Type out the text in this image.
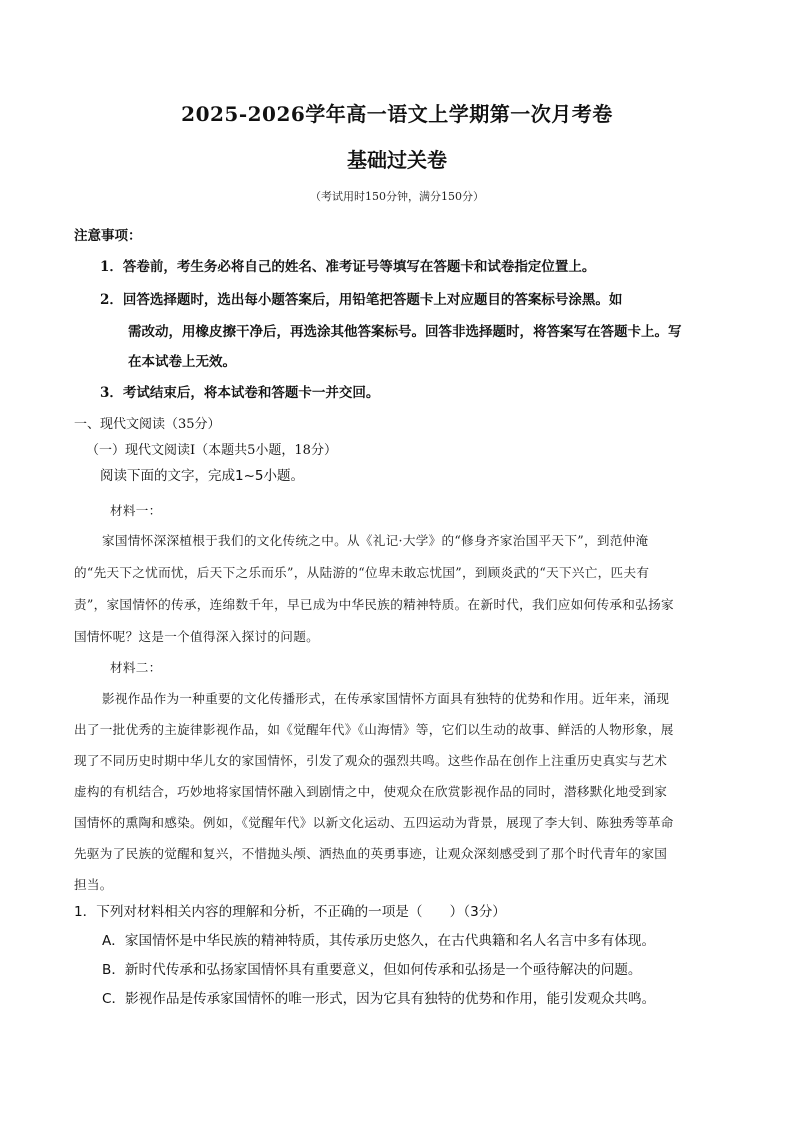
2025-2026学年高一语文上学期第一次月考卷
基础过关卷
（考试用时150分钟，满分150分）
注意事项：
1．答卷前，考生务必将自己的姓名、准考证号等填写在答题卡和试卷指定位置上。
2．回答选择题时，选出每小题答案后，用铅笔把答题卡上对应题目的答案标号涂黑。如
需改动，用橡皮擦干净后，再选涂其他答案标号。回答非选择题时，将答案写在答题卡上。写
在本试卷上无效。
3．考试结束后，将本试卷和答题卡一并交回。
一、现代文阅读（35分）
（一）现代文阅读Ⅰ（本题共5小题，18分）
阅读下面的文字，完成1~5小题。
材料一：
家国情怀深深植根于我们的文化传统之中。从《礼记·大学》的“修身齐家治国平天下”，到范仲淹
的“先天下之忧而忧，后天下之乐而乐”，从陆游的“位卑未敢忘忧国”，到顾炎武的“天下兴亡，匹夫有
责”，家国情怀的传承，连绵数千年，早已成为中华民族的精神特质。在新时代，我们应如何传承和弘扬家
国情怀呢？这是一个值得深入探讨的问题。
材料二：
影视作品作为一种重要的文化传播形式，在传承家国情怀方面具有独特的优势和作用。近年来，涌现
出了一批优秀的主旋律影视作品，如《觉醒年代》《山海情》等，它们以生动的故事、鲜活的人物形象，展
现了不同历史时期中华儿女的家国情怀，引发了观众的强烈共鸣。这些作品在创作上注重历史真实与艺术
虚构的有机结合，巧妙地将家国情怀融入到剧情之中，使观众在欣赏影视作品的同时，潜移默化地受到家
国情怀的熏陶和感染。例如，《觉醒年代》以新文化运动、五四运动为背景，展现了李大钊、陈独秀等革命
先驱为了民族的觉醒和复兴，不惜抛头颅、洒热血的英勇事迹，让观众深刻感受到了那个时代青年的家国
担当。
1．下列对材料相关内容的理解和分析，不正确的一项是（　　）（3分）
A．家国情怀是中华民族的精神特质，其传承历史悠久，在古代典籍和名人名言中多有体现。
B．新时代传承和弘扬家国情怀具有重要意义，但如何传承和弘扬是一个亟待解决的问题。
C．影视作品是传承家国情怀的唯一形式，因为它具有独特的优势和作用，能引发观众共鸣。
